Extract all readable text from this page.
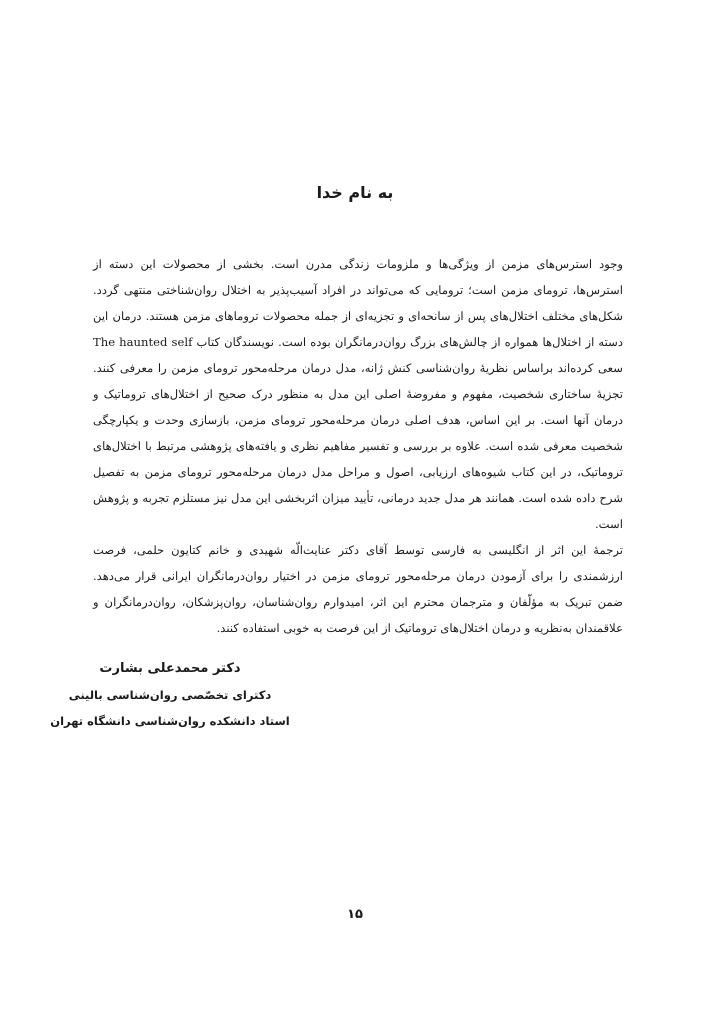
به نام خدا

وجود استرس‌های مزمن از ویژگی‌ها و ملزومات زندگی مدرن است. بخشی از محصولات این دسته از استرس‌ها، ترومای مزمن است؛ ترومایی که می‌تواند در افراد آسیب‌پذیر به اختلال روان‌شناختی منتهی گردد. شکل‌های مختلف اختلال‌های پس از سانحه‌ای و تجزیه‌ای از جمله محصولات تروماهای مزمن هستند. درمان این دسته از اختلال‌ها همواره از چالش‌های بزرگ روان‌درمانگران بوده است. نویسندگان کتاب The haunted self سعی کرده‌اند براساس نظریهٔ روان‌شناسی کنش ژانه، مدل درمان مرحله‌محور ترومای مزمن را معرفی کنند. تجزیهٔ ساختاری شخصیت، مفهوم و مفروضهٔ اصلی این مدل به منظور درک صحیح از اختلال‌های تروماتیک و درمان آنها است. بر این اساس، هدف اصلی درمان مرحله‌محور ترومای مزمن، بازسازی وحدت و یکپارچگی شخصیت معرفی شده است. علاوه بر بررسی و تفسیر مفاهیم نظری و یافته‌های پژوهشی مرتبط با اختلال‌های تروماتیک، در این کتاب شیوه‌های ارزیابی، اصول و مراحل مدل درمان مرحله‌محور ترومای مزمن به تفصیل شرح داده شده است. همانند هر مدل جدید درمانی، تأیید میزان اثربخشی این مدل نیز مستلزم تجربه و پژوهش است.

ترجمهٔ این اثر از انگلیسی به فارسی توسط آقای دکتر عنایت‌الّه شهیدی و خانم کتایون حلمی، فرصت ارزشمندی را برای آزمودن درمان مرحله‌محور ترومای مزمن در اختیار روان‌درمانگران ایرانی قرار می‌دهد. ضمن تبریک به مؤلّفان و مترجمان محترم این اثر، امیدوارم روان‌شناسان، روان‌پزشکان، روان‌درمانگران و علاقمندان به‌نظریه و درمان اختلال‌های تروماتیک از این فرصت به خوبی استفاده کنند.

دکتر محمدعلی بشارت
دکترای تخصّصی روان‌شناسی بالینی
استاد دانشکده روان‌شناسی دانشگاه تهران
۱۵
